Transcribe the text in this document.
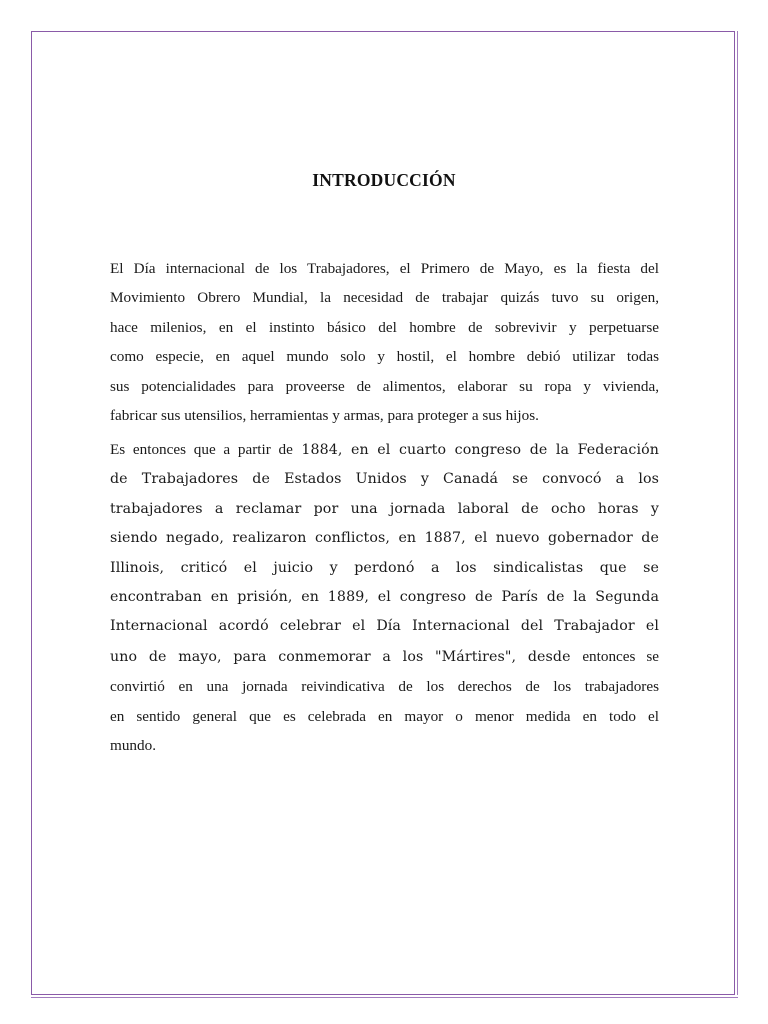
INTRODUCCIÓN

El Día internacional de los Trabajadores, el Primero de Mayo, es la fiesta del
Movimiento Obrero Mundial, la necesidad de trabajar quizás tuvo su origen,
hace milenios, en el instinto básico del hombre de sobrevivir y perpetuarse
como especie, en aquel mundo solo y hostil, el hombre debió utilizar todas
sus potencialidades para proveerse de alimentos, elaborar su ropa y vivienda,
fabricar sus utensilios, herramientas y armas, para proteger a sus hijos.

Es entonces que a partir de 1884, en el cuarto congreso de la Federación
de Trabajadores de Estados Unidos y Canadá se convocó a los
trabajadores a reclamar por una jornada laboral de ocho horas y
siendo negado, realizaron conflictos, en 1887, el nuevo gobernador de
Illinois, criticó el juicio y perdonó a los sindicalistas que se
encontraban en prisión, en 1889, el congreso de París de la Segunda
Internacional acordó celebrar el Día Internacional del Trabajador el
uno de mayo, para conmemorar a los "Mártires", desde entonces se
convirtió en una jornada reivindicativa de los derechos de los trabajadores
en sentido general que es celebrada en mayor o menor medida en todo el
mundo.
